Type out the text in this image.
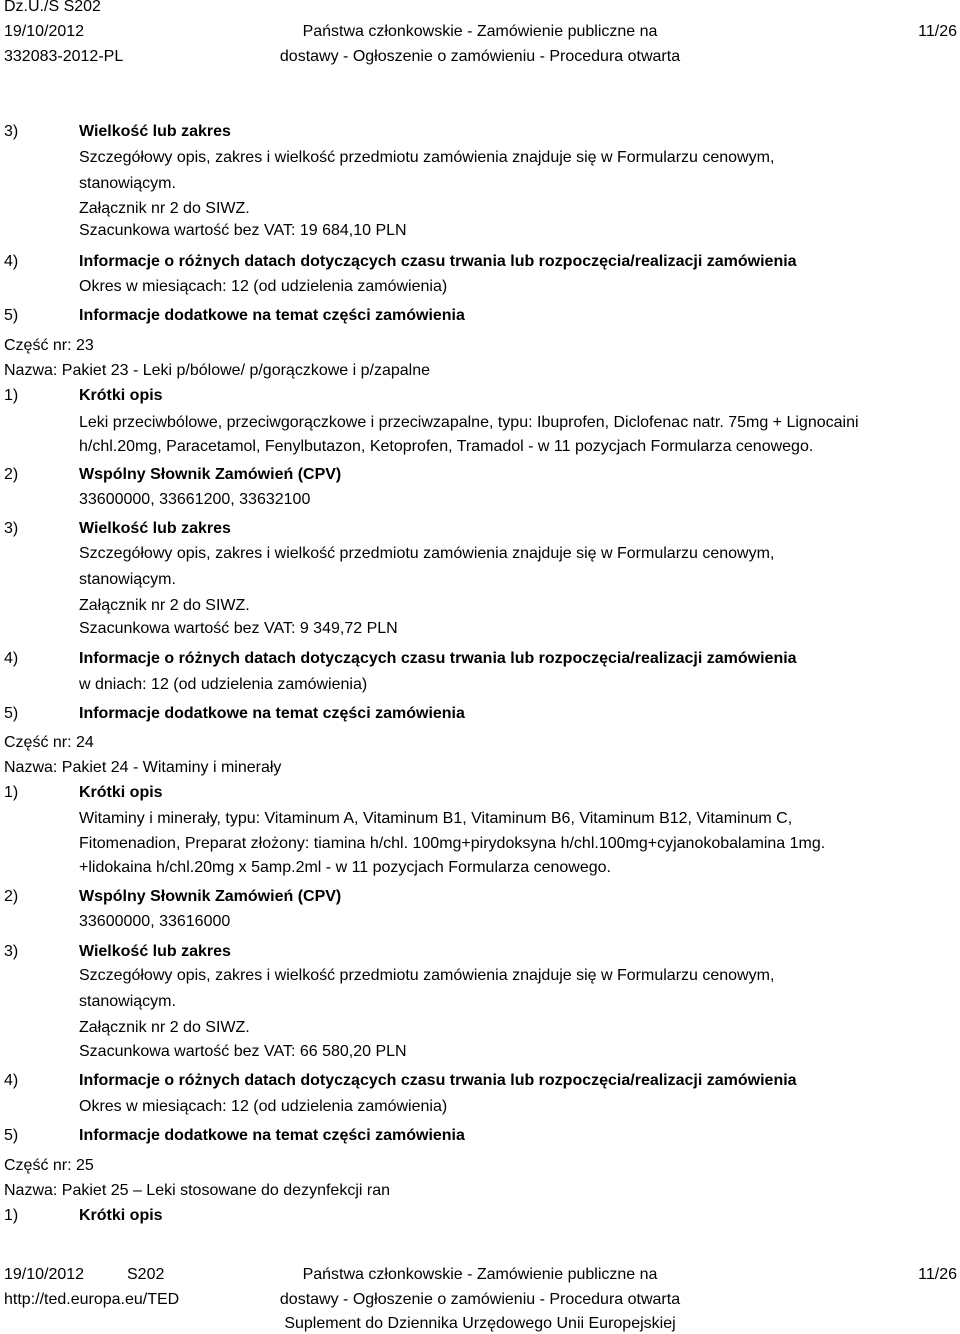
Dz.U./S S202
19/10/2012
332083-2012-PL
Państwa członkowskie - Zamówienie publiczne na
dostawy - Ogłoszenie o zamówieniu - Procedura otwarta
11/26
3)	Wielkość lub zakres
Szczegółowy opis, zakres i wielkość przedmiotu zamówienia znajduje się w Formularzu cenowym,
stanowiącym.
Załącznik nr 2 do SIWZ.
Szacunkowa wartość bez VAT: 19 684,10 PLN
4)	Informacje o różnych datach dotyczących czasu trwania lub rozpoczęcia/realizacji zamówienia
Okres w miesiącach: 12 (od udzielenia zamówienia)
5)	Informacje dodatkowe na temat części zamówienia
Część nr: 23
Nazwa: Pakiet 23 - Leki p/bólowe/ p/gorączkowe i p/zapalne
1)	Krótki opis
Leki przeciwbólowe, przeciwgorączkowe i przeciwzapalne, typu: Ibuprofen, Diclofenac natr. 75mg + Lignocaini
h/chl.20mg, Paracetamol, Fenylbutazon, Ketoprofen, Tramadol - w 11 pozycjach Formularza cenowego.
2)	Wspólny Słownik Zamówień (CPV)
33600000, 33661200, 33632100
3)	Wielkość lub zakres
Szczegółowy opis, zakres i wielkość przedmiotu zamówienia znajduje się w Formularzu cenowym,
stanowiącym.
Załącznik nr 2 do SIWZ.
Szacunkowa wartość bez VAT: 9 349,72 PLN
4)	Informacje o różnych datach dotyczących czasu trwania lub rozpoczęcia/realizacji zamówienia
w dniach: 12 (od udzielenia zamówienia)
5)	Informacje dodatkowe na temat części zamówienia
Część nr: 24
Nazwa: Pakiet 24 - Witaminy i minerały
1)	Krótki opis
Witaminy i minerały, typu: Vitaminum A, Vitaminum B1, Vitaminum B6, Vitaminum B12, Vitaminum C,
Fitomenadion, Preparat złożony: tiamina h/chl. 100mg+pirydoksyna h/chl.100mg+cyjanokobalamina 1mg.
+lidokaina h/chl.20mg x 5amp.2ml - w 11 pozycjach Formularza cenowego.
2)	Wspólny Słownik Zamówień (CPV)
33600000, 33616000
3)	Wielkość lub zakres
Szczegółowy opis, zakres i wielkość przedmiotu zamówienia znajduje się w Formularzu cenowym,
stanowiącym.
Załącznik nr 2 do SIWZ.
Szacunkowa wartość bez VAT: 66 580,20 PLN
4)	Informacje o różnych datach dotyczących czasu trwania lub rozpoczęcia/realizacji zamówienia
Okres w miesiącach: 12 (od udzielenia zamówienia)
5)	Informacje dodatkowe na temat części zamówienia
Część nr: 25
Nazwa: Pakiet 25 – Leki stosowane do dezynfekcji ran
1)	Krótki opis
19/10/2012	S202
http://ted.europa.eu/TED
Państwa członkowskie - Zamówienie publiczne na
dostawy - Ogłoszenie o zamówieniu - Procedura otwarta
Suplement do Dziennika Urzędowego Unii Europejskiej
11/26
